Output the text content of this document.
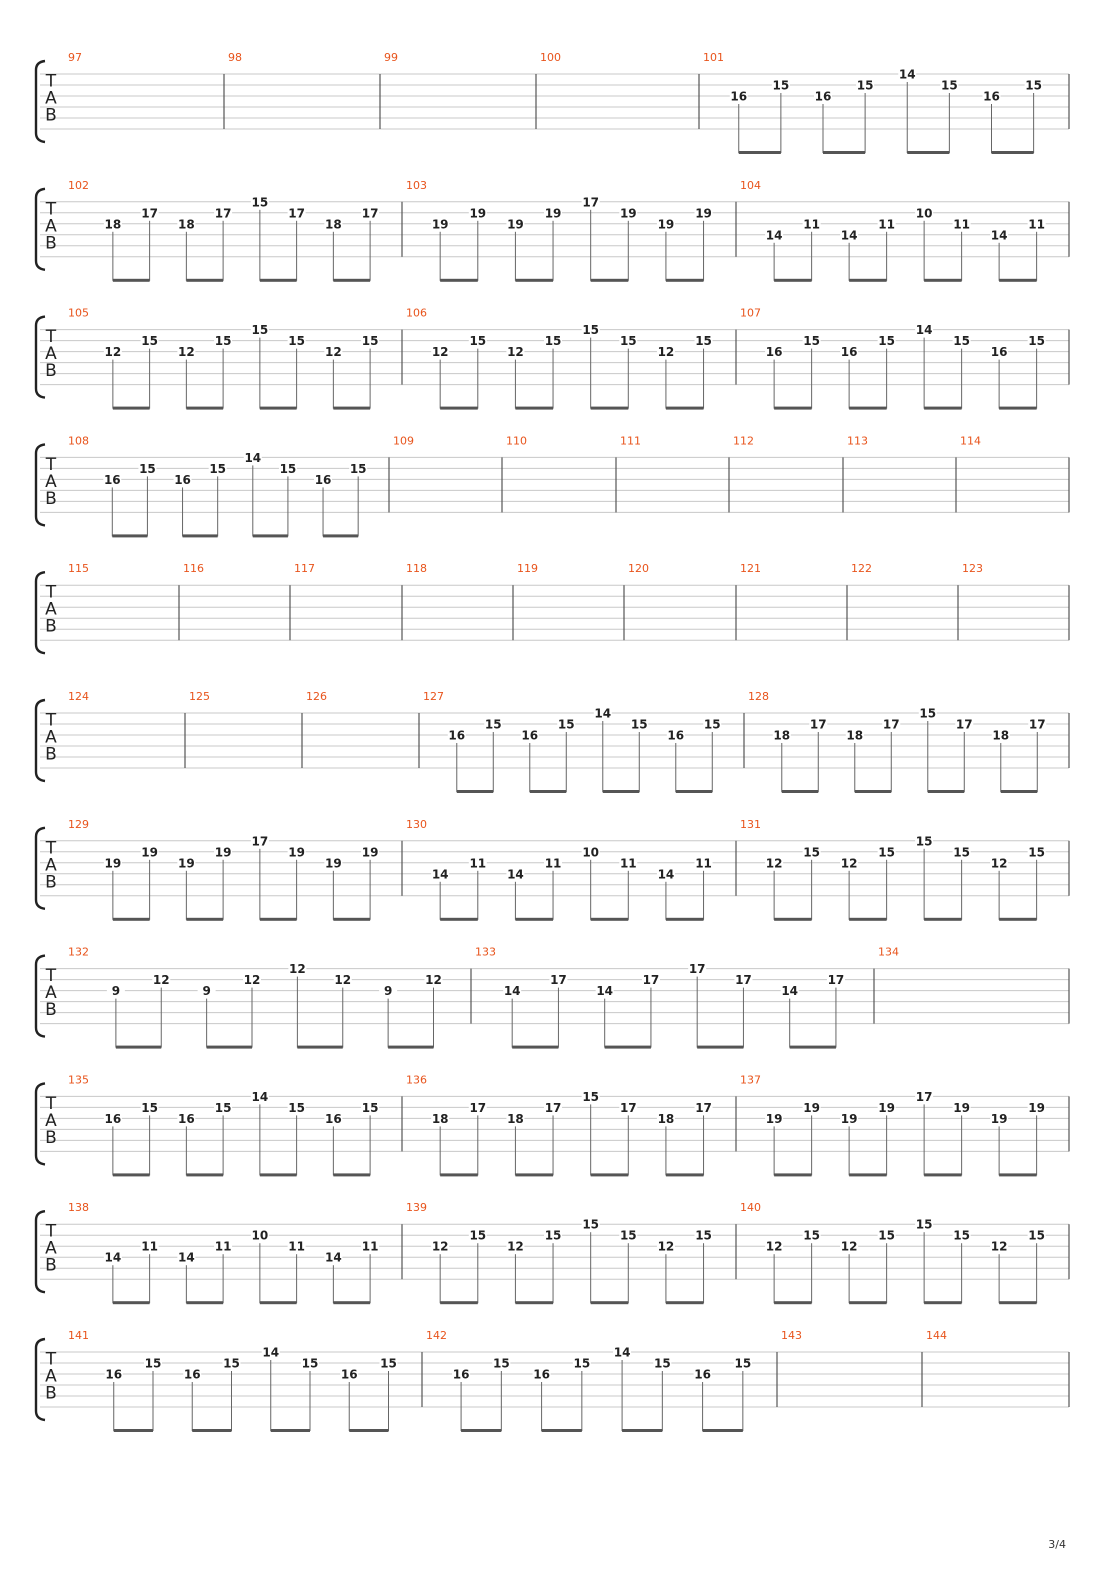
T
A
B
97	98	99	100	101
16
15
16
15
14
15
16
15
T
A
B
102
18
17
18
17
15
17
18
17
103
19
19
19
19
17
19
19
19
104
14
11
14
11
10
11
14
11
T
A
B
105
12
15
12
15
15
15
12
15
106
12
15
12
15
15
15
12
15
107
16
15
16
15
14
15
16
15
T
A
B
108
16
15
16
15
14
15
16
15
109	110	111	112	113	114
T
A
B
115	116	117	118	119	120	121	122	123
T
A
B
124	125	126	127
16
15
16
15
14
15
16
15
128
18
17
18
17
15
17
18
17
T
A
B
129
19
19
19
19
17
19
19
19
130
14
11
14
11
10
11
14
11
131
12
15
12
15
15
15
12
15
T
A
B
132
9
12
9
12
12
12
9
12
133
14
17
14
17
17
17
14
17
134
T
A
B
135
16
15
16
15
14
15
16
15
136
18
17
18
17
15
17
18
17
137
19
19
19
19
17
19
19
19
T
A
B
138
14
11
14
11
10
11
14
11
139
12
15
12
15
15
15
12
15
140
12
15
12
15
15
15
12
15
T
A
B
141
16
15
16
15
14
15
16
15
142
16
15
16
15
14
15
16
15
143	144
3/4
